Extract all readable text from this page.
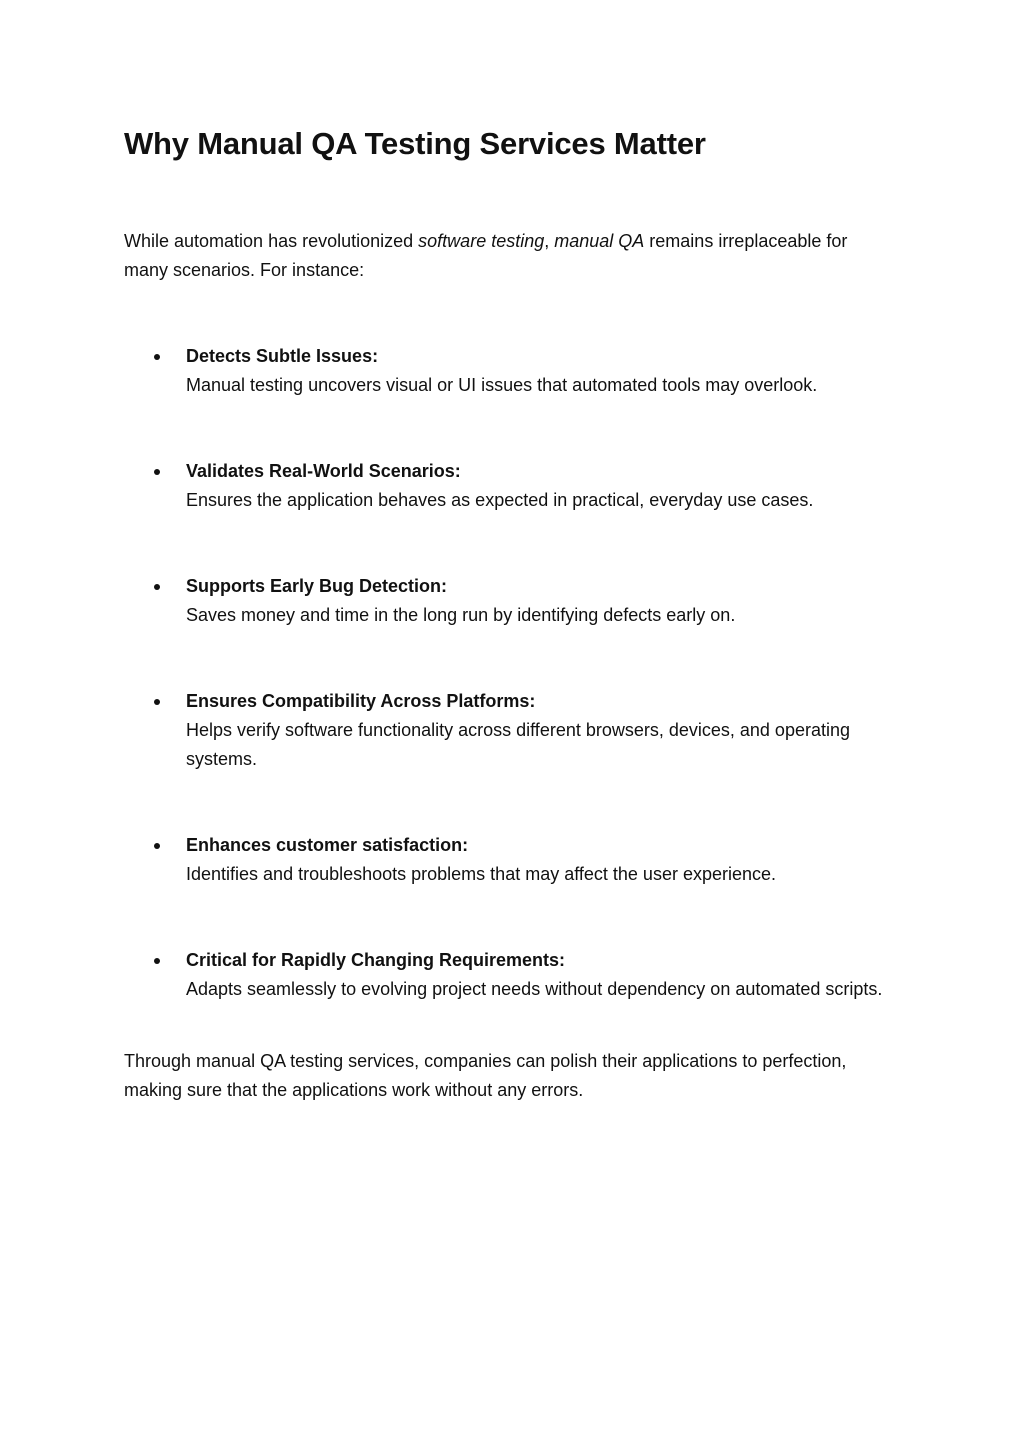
Why Manual QA Testing Services Matter

While automation has revolutionized software testing, manual QA remains irreplaceable for many scenarios. For instance:

Detects Subtle Issues:
Manual testing uncovers visual or UI issues that automated tools may overlook.
Validates Real-World Scenarios:
Ensures the application behaves as expected in practical, everyday use cases.
Supports Early Bug Detection:
Saves money and time in the long run by identifying defects early on.
Ensures Compatibility Across Platforms:
Helps verify software functionality across different browsers, devices, and operating systems.
Enhances customer satisfaction:
Identifies and troubleshoots problems that may affect the user experience.
Critical for Rapidly Changing Requirements:
Adapts seamlessly to evolving project needs without dependency on automated scripts.

Through manual QA testing services, companies can polish their applications to perfection, making sure that the applications work without any errors.
